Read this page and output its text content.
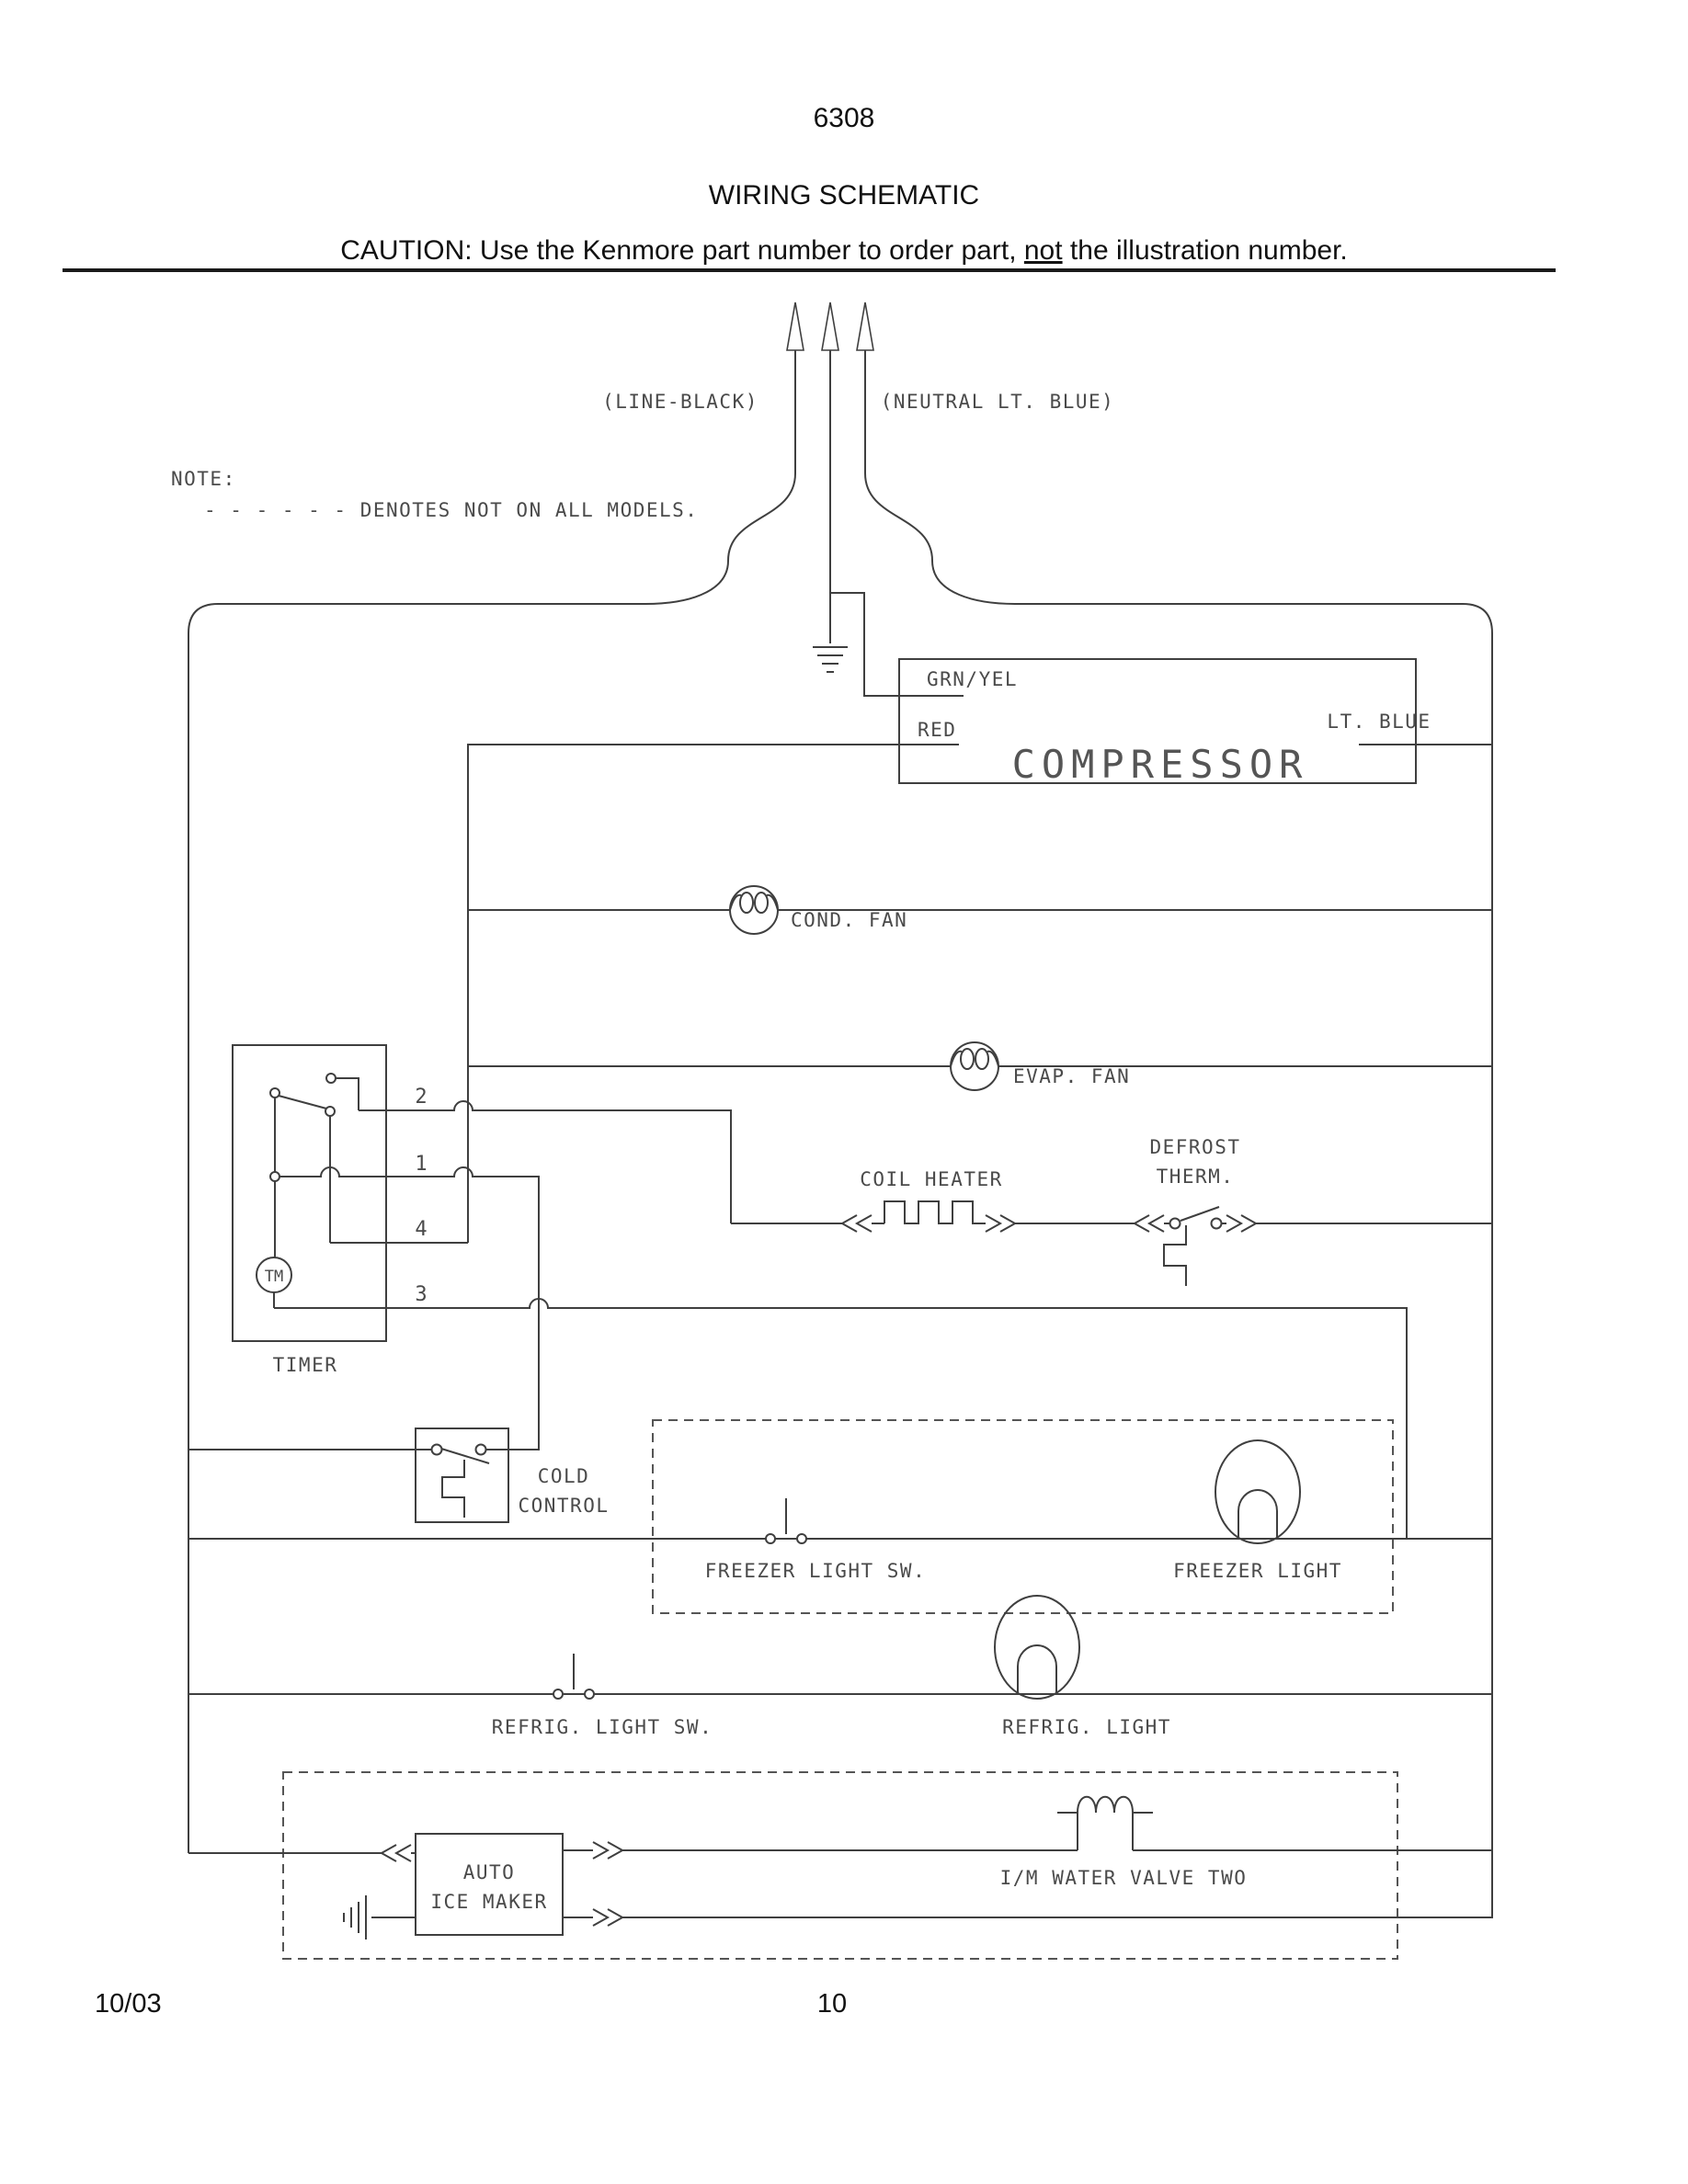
6308
WIRING SCHEMATIC
CAUTION: Use the Kenmore part number to order part, not the illustration number.
(LINE-BLACK)	(NEUTRAL LT. BLUE)
NOTE:
- - - - - - DENOTES NOT ON ALL MODELS.
GRN/YEL
RED	LT. BLUE
COMPRESSOR
COND. FAN
EVAP. FAN
COIL HEATER
DEFROST
THERM.
2
1
4
3
TM
TIMER
COLD
CONTROL
FREEZER LIGHT SW.	FREEZER LIGHT
REFRIG. LIGHT SW.	REFRIG. LIGHT
AUTO
ICE MAKER
I/M WATER VALVE TWO
10/03	10
